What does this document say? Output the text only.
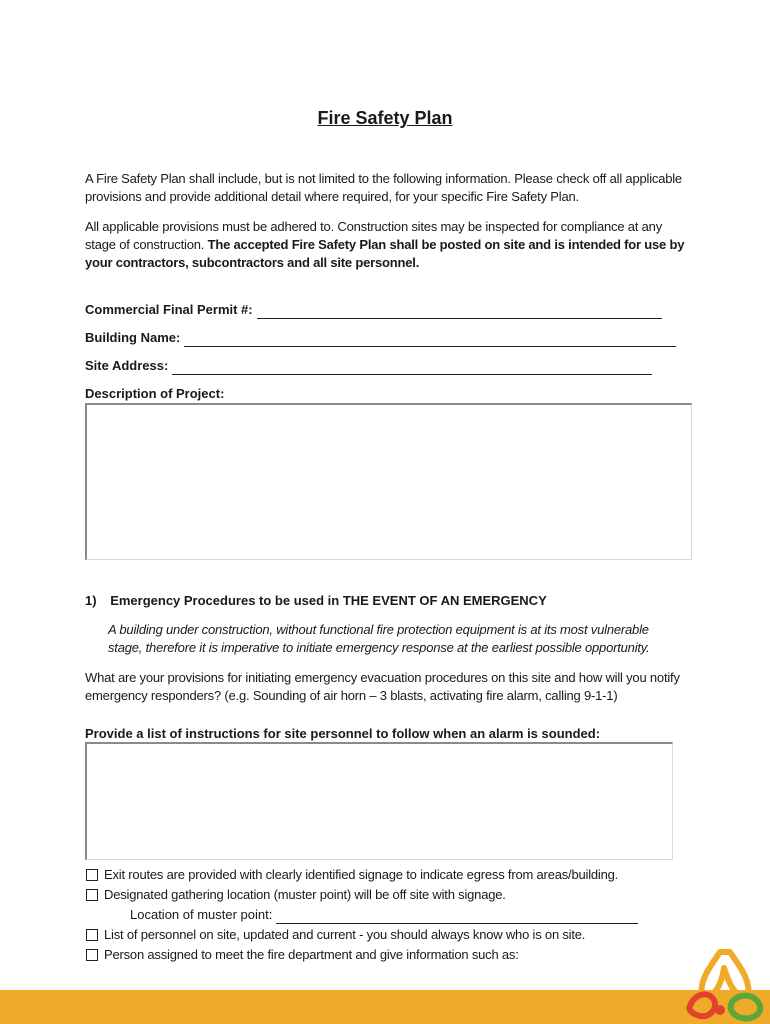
Fire Safety Plan
A Fire Safety Plan shall include, but is not limited to the following information. Please check off all applicable provisions and provide additional detail where required, for your specific Fire Safety Plan.
All applicable provisions must be adhered to. Construction sites may be inspected for compliance at any stage of construction. The accepted Fire Safety Plan shall be posted on site and is intended for use by your contractors, subcontractors and all site personnel.
Commercial Final Permit #:
Building Name:
Site Address:
Description of Project:
1) Emergency Procedures to be used in THE EVENT OF AN EMERGENCY
A building under construction, without functional fire protection equipment is at its most vulnerable stage, therefore it is imperative to initiate emergency response at the earliest possible opportunity.
What are your provisions for initiating emergency evacuation procedures on this site and how will you notify emergency responders? (e.g. Sounding of air horn – 3 blasts, activating fire alarm, calling 9-1-1)
Provide a list of instructions for site personnel to follow when an alarm is sounded:
Exit routes are provided with clearly identified signage to indicate egress from areas/building.
Designated gathering location (muster point) will be off site with signage.
Location of muster point:
List of personnel on site, updated and current - you should always know who is on site.
Person assigned to meet the fire department and give information such as:
